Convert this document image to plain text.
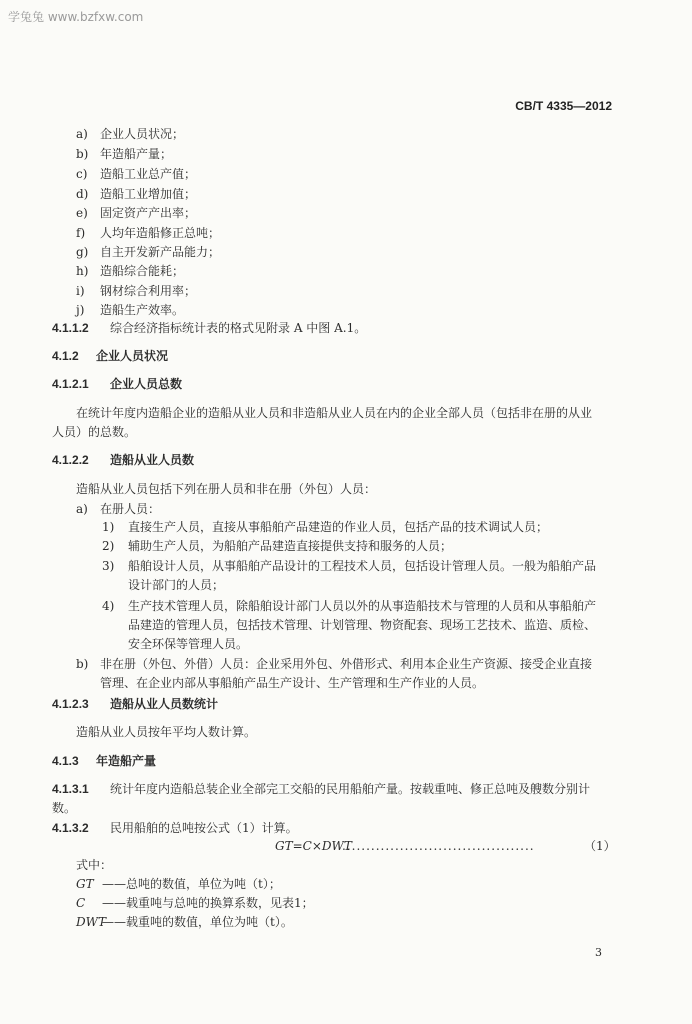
学兔兔 www.bzfxw.com
CB/T 4335—2012
a) 企业人员状况；
b) 年造船产量；
c) 造船工业总产值；
d) 造船工业增加值；
e) 固定资产产出率；
f) 人均年造船修正总吨；
g) 自主开发新产品能力；
h) 造船综合能耗；
i) 钢材综合利用率；
j) 造船生产效率。
4.1.1.2 综合经济指标统计表的格式见附录 A 中图 A.1。
4.1.2 企业人员状况
4.1.2.1 企业人员总数
在统计年度内造船企业的造船从业人员和非造船从业人员在内的企业全部人员（包括非在册的从业
人员）的总数。
4.1.2.2 造船从业人员数
造船从业人员包括下列在册人员和非在册（外包）人员：
a) 在册人员：
1) 直接生产人员，直接从事船舶产品建造的作业人员，包括产品的技术调试人员；
2) 辅助生产人员，为船舶产品建造直接提供支持和服务的人员；
3) 船舶设计人员，从事船舶产品设计的工程技术人员，包括设计管理人员。一般为船舶产品
设计部门的人员；
4) 生产技术管理人员，除船舶设计部门人员以外的从事造船技术与管理的人员和从事船舶产
品建造的管理人员，包括技术管理、计划管理、物资配套、现场工艺技术、监造、质检、
安全环保等管理人员。
b) 非在册（外包、外借）人员：企业采用外包、外借形式、利用本企业生产资源、接受企业直接
管理、在企业内部从事船舶产品生产设计、生产管理和生产作业的人员。
4.1.2.3 造船从业人员数统计
造船从业人员按年平均人数计算。
4.1.3 年造船产量
4.1.3.1 统计年度内造船总装企业全部完工交船的民用船舶产量。按载重吨、修正总吨及艘数分别计
数。
4.1.3.2 民用船舶的总吨按公式（1）计算。
GT=C×DWT
........................................	（1）
式中：
GT ——总吨的数值，单位为吨（t）；
C ——载重吨与总吨的换算系数，见表1；
DWT——载重吨的数值，单位为吨（t）。
3
